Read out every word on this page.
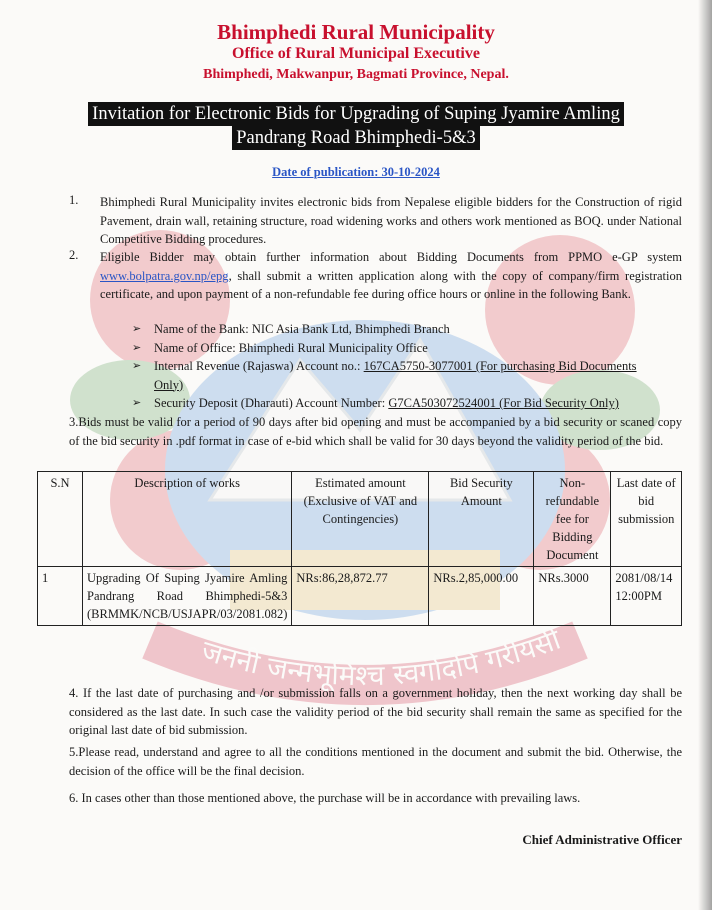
जननी जन्मभूमिश्च स्वर्गादपि गरीयसी
Bhimphedi Rural Municipality
Office of Rural Municipal Executive
Bhimphedi, Makwanpur, Bagmati Province, Nepal.
Invitation for Electronic Bids for Upgrading of Suping Jyamire Amling
Pandrang Road Bhimphedi-5&3
Date of publication: 30-10-2024
1. Bhimphedi Rural Municipality invites electronic bids from Nepalese eligible bidders for the Construction of rigid Pavement, drain wall, retaining structure, road widening works and others work mentioned as BOQ. under National Competitive Bidding procedures.
2. Eligible Bidder may obtain further information about Bidding Documents from PPMO e-GP system www.bolpatra.gov.np/epg, shall submit a written application along with the copy of company/firm registration certificate, and upon payment of a non-refundable fee during office hours or online in the following Bank.
➢ Name of the Bank: NIC Asia Bank Ltd, Bhimphedi Branch
➢ Name of Office: Bhimphedi Rural Municipality Office
➢ Internal Revenue (Rajaswa) Account no.: 167CA5750-3077001 (For purchasing Bid Documents Only)
➢ Security Deposit (Dharauti) Account Number: G7CA503072524001 (For Bid Security Only)
3.Bids must be valid for a period of 90 days after bid opening and must be accompanied by a bid security or scaned copy of the bid security in .pdf format in case of e-bid which shall be valid for 30 days beyond the validity period of the bid.
S.N	Description of works	Estimated amount (Exclusive of VAT and Contingencies)	Bid Security Amount	Non-refundable fee for Bidding Document	Last date of bid submission
1	Upgrading Of Suping Jyamire Amling Pandrang Road Bhimphedi-5&3 (BRMMK/NCB/USJAPR/03/2081.082)	NRs:86,28,872.77	NRs.2,85,000.00	NRs.3000	2081/08/14 12:00PM
4. If the last date of purchasing and /or submission falls on a government holiday, then the next working day shall be considered as the last date. In such case the validity period of the bid security shall remain the same as specified for the original last date of bid submission.
5.Please read, understand and agree to all the conditions mentioned in the document and submit the bid. Otherwise, the decision of the office will be the final decision.
6. In cases other than those mentioned above, the purchase will be in accordance with prevailing laws.
Chief Administrative Officer
